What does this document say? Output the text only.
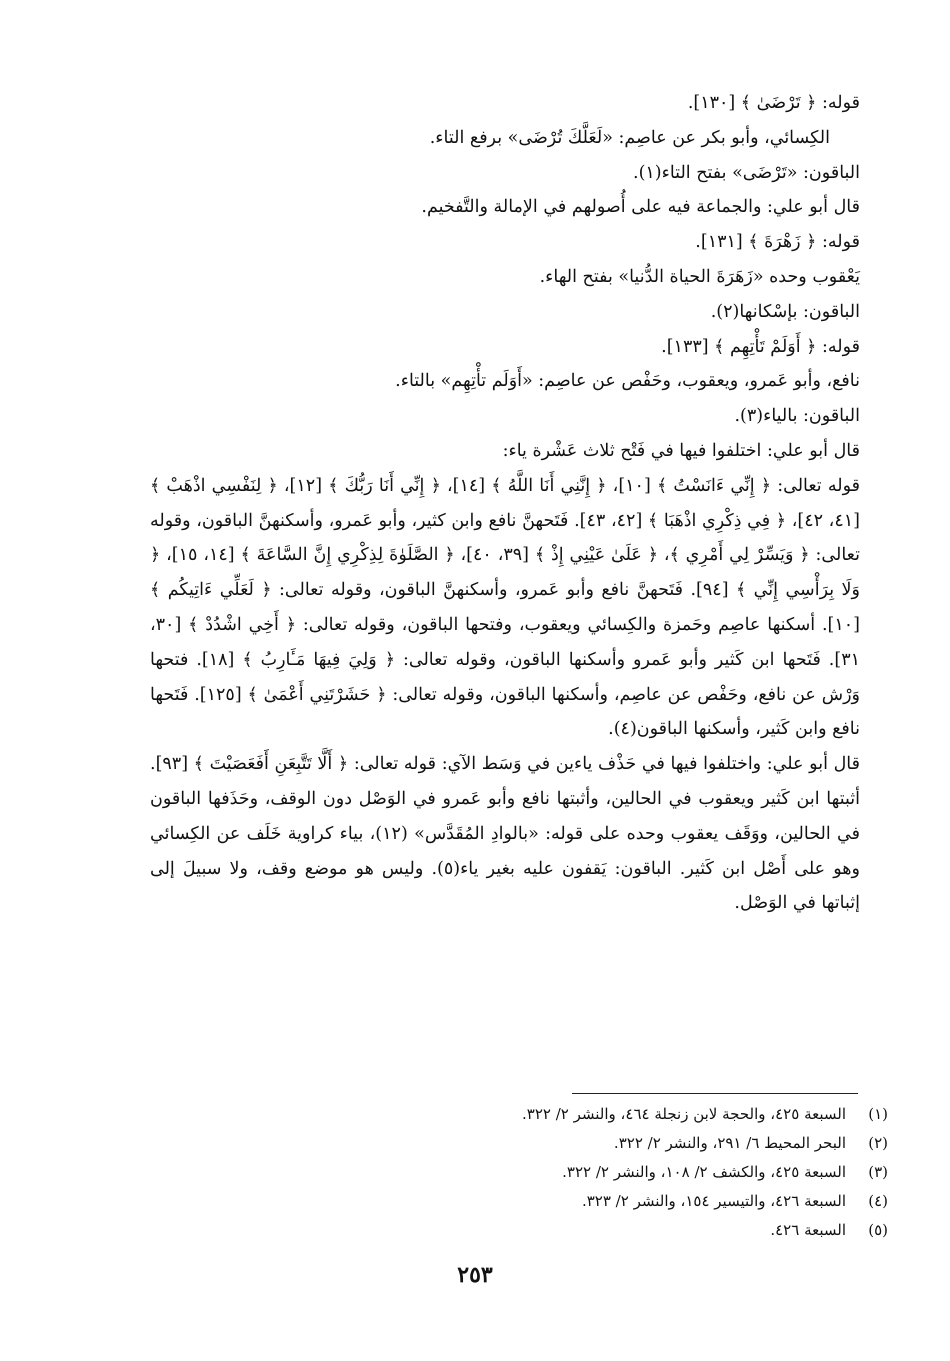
قوله: ﴿ تَرْضَىٰ ﴾ [١٣٠].
الكِسائي، وأبو بكر عن عاصِم: «لَعَلَّكَ تُرْضَى» برفع التاء.
الباقون: «تَرْضَى» بفتح التاء(١).
قال أبو علي: والجماعة فيه على أُصولهم في الإمالة والتَّفخيم.
قوله: ﴿ زَهْرَةَ ﴾ [١٣١].
يَعْقوب وحده «زَهَرَةَ الحياة الدُّنيا» بفتح الهاء.
الباقون: بإسْكانها(٢).
قوله: ﴿ أَوَلَمْ تَأْتِهِم ﴾ [١٣٣].
نافع، وأبو عَمرو، ويعقوب، وحَفْص عن عاصِم: «أَوَلَم تأْتِهِم» بالتاء.
الباقون: بالياء(٣).
قال أبو علي: اختلفوا فيها في فَتْح ثلاث عَشْرة ياء:
قوله تعالى: ﴿ إِنِّي ءَانَسْتُ ﴾ [١٠]، ﴿ إِنَّنِي أَنَا اللَّهُ ﴾ [١٤]، ﴿ إِنِّي أَنَا رَبُّكَ ﴾ [١٢]، ﴿ لِنَفْسِي اذْهَبْ ﴾ [٤١، ٤٢]، ﴿ فِي ذِكْرِي اذْهَبَا ﴾ [٤٢، ٤٣]. فَتَحهنَّ نافع وابن كثير، وأبو عَمرو، وأسكنهنَّ الباقون، وقوله تعالى: ﴿ وَيَسِّرْ لِي أَمْرِي ﴾، ﴿ عَلَىٰ عَيْنِي إِذْ ﴾ [٣٩، ٤٠]، ﴿ الصَّلَوٰةَ لِذِكْرِي إِنَّ السَّاعَةَ ﴾ [١٤، ١٥]، ﴿ وَلَا بِرَأْسِي إِنِّي ﴾ [٩٤]. فَتَحهنَّ نافع وأبو عَمرو، وأسكنهنَّ الباقون، وقوله تعالى: ﴿ لَعَلِّي ءَاتِيكُم ﴾ [١٠]. أسكنها عاصِم وحَمزة والكِسائي ويعقوب، وفتحها الباقون، وقوله تعالى: ﴿ أَخِي اشْدُدْ ﴾ [٣٠، ٣١]. فَتَحها ابن كَثير وأبو عَمرو وأسكنها الباقون، وقوله تعالى: ﴿ وَلِيَ فِيهَا مَـَٔارِبُ ﴾ [١٨]. فتحها وَرْش عن نافع، وحَفْص عن عاصِم، وأسكنها الباقون، وقوله تعالى: ﴿ حَشَرْتَنِي أَعْمَىٰ ﴾ [١٢٥]. فَتَحها نافع وابن كَثير، وأسكنها الباقون(٤).
قال أبو علي: واختلفوا فيها في حَذْف ياءين في وَسَط الآي: قوله تعالى: ﴿ أَلَّا تَتَّبِعَنِ أَفَعَصَيْتَ ﴾ [٩٣]. أثبتها ابن كَثير ويعقوب في الحالين، وأثبتها نافع وأبو عَمرو في الوَصْل دون الوقف، وحَذَفها الباقون في الحالين، ووَقَف يعقوب وحده على قوله: «بالوادِ المُقَدَّس» (١٢)، بياء كراوية خَلَف عن الكِسائي وهو على أَصْل ابن كَثير. الباقون: يَقفون عليه بغير ياء(٥). وليس هو موضع وقف، ولا سبيلَ إلى إثباتها في الوَصْل.
(١)السبعة ٤٢٥، والحجة لابن زنجلة ٤٦٤، والنشر ٢/ ٣٢٢.
(٢)البحر المحيط ٦/ ٢٩١، والنشر ٢/ ٣٢٢.
(٣)السبعة ٤٢٥، والكشف ٢/ ١٠٨، والنشر ٢/ ٣٢٢.
(٤)السبعة ٤٢٦، والتيسير ١٥٤، والنشر ٢/ ٣٢٣.
(٥)السبعة ٤٢٦.
٢٥٣
